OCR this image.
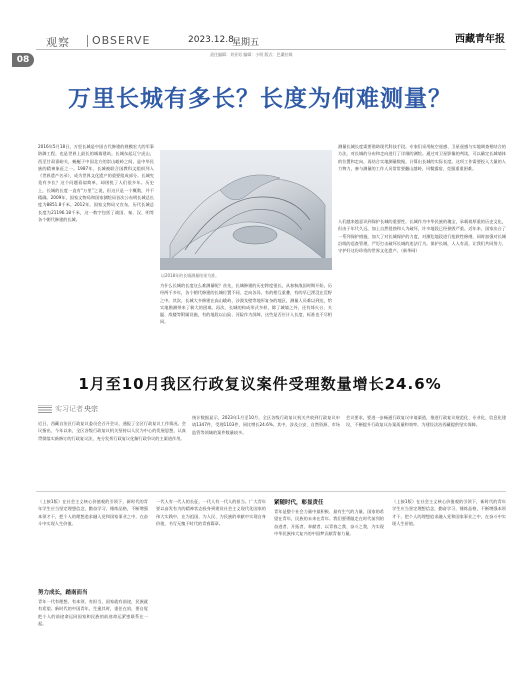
观察 OBSERVE	2023.12.8
星期五	西藏青年报
责任编辑：刘亚男 编辑：小明 版式：巴桑拉姆
08
万里长城有多长？长度为何难测量？
2016年5月18日，万里长城是中国古代修建的规模宏大的军事防御工程，也是世界上最长的城墙建筑。长城东起辽宁虎山，西至甘肃嘉峪关，蜿蜒于中国北方的崇山峻岭之间，是中华民族的精神象征之一。1987年，长城被联合国教科文组织列入《世界遗产名录》，成为世界文化遗产的重要组成部分。长城究竟有多长？这个问题看似简单，却困扰了人们很多年。历史上，长城的长度一直有“万里”之说，但这只是一个概数，并不精确。2009年，国家文物局和国家测绘局首次公布明长城总长度为8851.8千米。2012年，国家文物局又宣布，历代长城总长度为21196.18千米，这一数字包括了战国、秦、汉、明等各个朝代修建的长城。
以2018年的长城测量结果为准。
为什么长城的长度这么难测量呢？首先，长城修建的历史跨度很长，从春秋战国时期开始，历经两千多年，各个朝代修建的长城位置不同、走向各异，有的相互重叠，有的早已湮没在荒野之中。其次，长城大多修建在高山峻岭、沙漠戈壁等地形复杂的地区，测量人员难以到达，给实地勘测带来了极大的困难。再次，长城的构成形式多样，除了城墙之外，还有烽火台、关隘、敌楼等附属设施，有的地段以山险、河险作为屏障，这些是否应计入长度，标准也不尽相同。
测量长城长度需要借助现代科技手段。专家们采用航空遥感、卫星遥感与实地调查相结合的方法，对长城的分布和走向进行了详细的测绘。通过对卫星影像的判读，可以确定长城墙体的位置和走向，再结合实地测量数据，计算出长城的实际长度。这项工作需要投入大量的人力物力，参与测量的工作人员常常要翻山越岭，风餐露宿，克服重重困难。
人们越来越意识到保护长城的重要性。长城作为中华民族的瑰宝，承载着厚重的历史文化，但由于年代久远，加上自然侵蚀和人为破坏，许多地段已经损毁严重。近年来，国家出台了一系列保护措施，加大了对长城保护的力度，对濒危地段进行抢救性修缮，同时加强对长城沿线的巡查管理，严厉打击破坏长城的违法行为。保护长城，人人有责。让我们共同努力，守护好这份珍贵的世界文化遗产。（新华网）
1月至10月我区行政复议案件受理数量增长24.6%
实习记者 央宗
近日，西藏自治区行政复议委员会召开会议，通报了全区行政复议工作情况。会议指出，今年以来，全区各级行政复议机关坚持以人民为中心的发展思想，认真贯彻落实新修订的行政复议法，充分发挥行政复议化解行政争议的主渠道作用。
统计数据显示，2023年1月至10月，全区各级行政复议机关共收到行政复议申请1347件，受理1103件，同比增长24.6%。其中，涉及公安、自然资源、市场监管等领域的案件数量较多。
会议要求，要进一步畅通行政复议申请渠道，推进行政复议规范化、专业化、信息化建设，不断提升行政复议办案质量和效率，为建设法治西藏提供坚实保障。
（上接1版）在社会主义核心价值观的引领下，新时代的青年学生应当坚定理想信念，勤奋学习，锤炼品格，不断增强本领才干，把个人的理想追求融入党和国家事业之中，在奋斗中实现人生价值。
努力成长，踏南而当
青年一代有理想、有本领、有担当，国家就有前途，民族就有希望。新时代的中国青年，生逢其时，重任在肩，要自觉把个人的前途命运同国家和民族的前途命运紧密联系在一起。
一代人有一代人的长征，一代人有一代人的担当。广大青年要以奋发有为的精神状态投身到建设社会主义现代化国家的伟大实践中，在为祖国、为人民、为民族的奉献中实现自身价值，书写无愧于时代的青春篇章。
紧随时代，彰显责任
青年是整个社会力量中最积极、最有生气的力量，国家的希望在青年，民族的未来在青年。我们要勇做走在时代前列的奋进者、开拓者、奉献者，以青春之我、奋斗之我，为实现中华民族伟大复兴的中国梦贡献青春力量。
（上接1版）在社会主义核心价值观的引领下，新时代的青年学生应当坚定理想信念，勤奋学习，锤炼品格，不断增强本领才干，把个人的理想追求融入党和国家事业之中，在奋斗中实现人生价值。
